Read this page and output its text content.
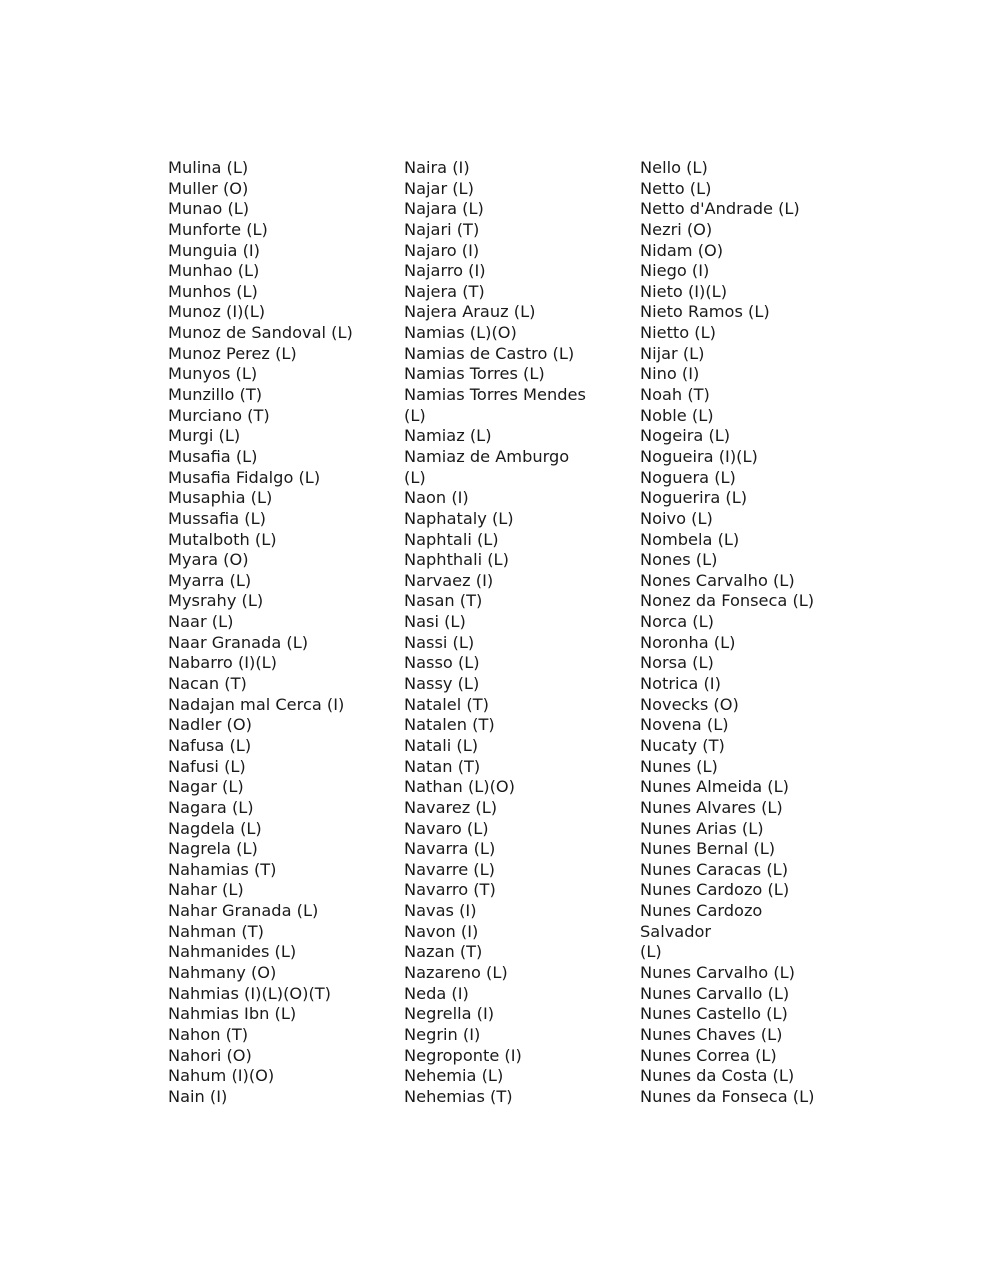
Mulina (L)
Muller (O)
Munao (L)
Munforte (L)
Munguia (I)
Munhao (L)
Munhos (L)
Munoz (I)(L)
Munoz de Sandoval (L)
Munoz Perez (L)
Munyos (L)
Munzillo (T)
Murciano (T)
Murgi (L)
Musafia (L)
Musafia Fidalgo (L)
Musaphia (L)
Mussafia (L)
Mutalboth (L)
Myara (O)
Myarra (L)
Mysrahy (L)
Naar (L)
Naar Granada (L)
Nabarro (I)(L)
Nacan (T)
Nadajan mal Cerca (I)
Nadler (O)
Nafusa (L)
Nafusi (L)
Nagar (L)
Nagara (L)
Nagdela (L)
Nagrela (L)
Nahamias (T)
Nahar (L)
Nahar Granada (L)
Nahman (T)
Nahmanides (L)
Nahmany (O)
Nahmias (I)(L)(O)(T)
Nahmias Ibn (L)
Nahon (T)
Nahori (O)
Nahum (I)(O)
Nain (I)
Naira (I)
Najar (L)
Najara (L)
Najari (T)
Najaro (I)
Najarro (I)
Najera (T)
Najera Arauz (L)
Namias (L)(O)
Namias de Castro (L)
Namias Torres (L)
Namias Torres Mendes
(L)
Namiaz (L)
Namiaz de Amburgo
(L)
Naon (I)
Naphataly (L)
Naphtali (L)
Naphthali (L)
Narvaez (I)
Nasan (T)
Nasi (L)
Nassi (L)
Nasso (L)
Nassy (L)
Natalel (T)
Natalen (T)
Natali (L)
Natan (T)
Nathan (L)(O)
Navarez (L)
Navaro (L)
Navarra (L)
Navarre (L)
Navarro (T)
Navas (I)
Navon (I)
Nazan (T)
Nazareno (L)
Neda (I)
Negrella (I)
Negrin (I)
Negroponte (I)
Nehemia (L)
Nehemias (T)
Nello (L)
Netto (L)
Netto d'Andrade (L)
Nezri (O)
Nidam (O)
Niego (I)
Nieto (I)(L)
Nieto Ramos (L)
Nietto (L)
Nijar (L)
Nino (I)
Noah (T)
Noble (L)
Nogeira (L)
Nogueira (I)(L)
Noguera (L)
Noguerira (L)
Noivo (L)
Nombela (L)
Nones (L)
Nones Carvalho (L)
Nonez da Fonseca (L)
Norca (L)
Noronha (L)
Norsa (L)
Notrica (I)
Novecks (O)
Novena (L)
Nucaty (T)
Nunes (L)
Nunes Almeida (L)
Nunes Alvares (L)
Nunes Arias (L)
Nunes Bernal (L)
Nunes Caracas (L)
Nunes Cardozo (L)
Nunes Cardozo
Salvador
(L)
Nunes Carvalho (L)
Nunes Carvallo (L)
Nunes Castello (L)
Nunes Chaves (L)
Nunes Correa (L)
Nunes da Costa (L)
Nunes da Fonseca (L)
